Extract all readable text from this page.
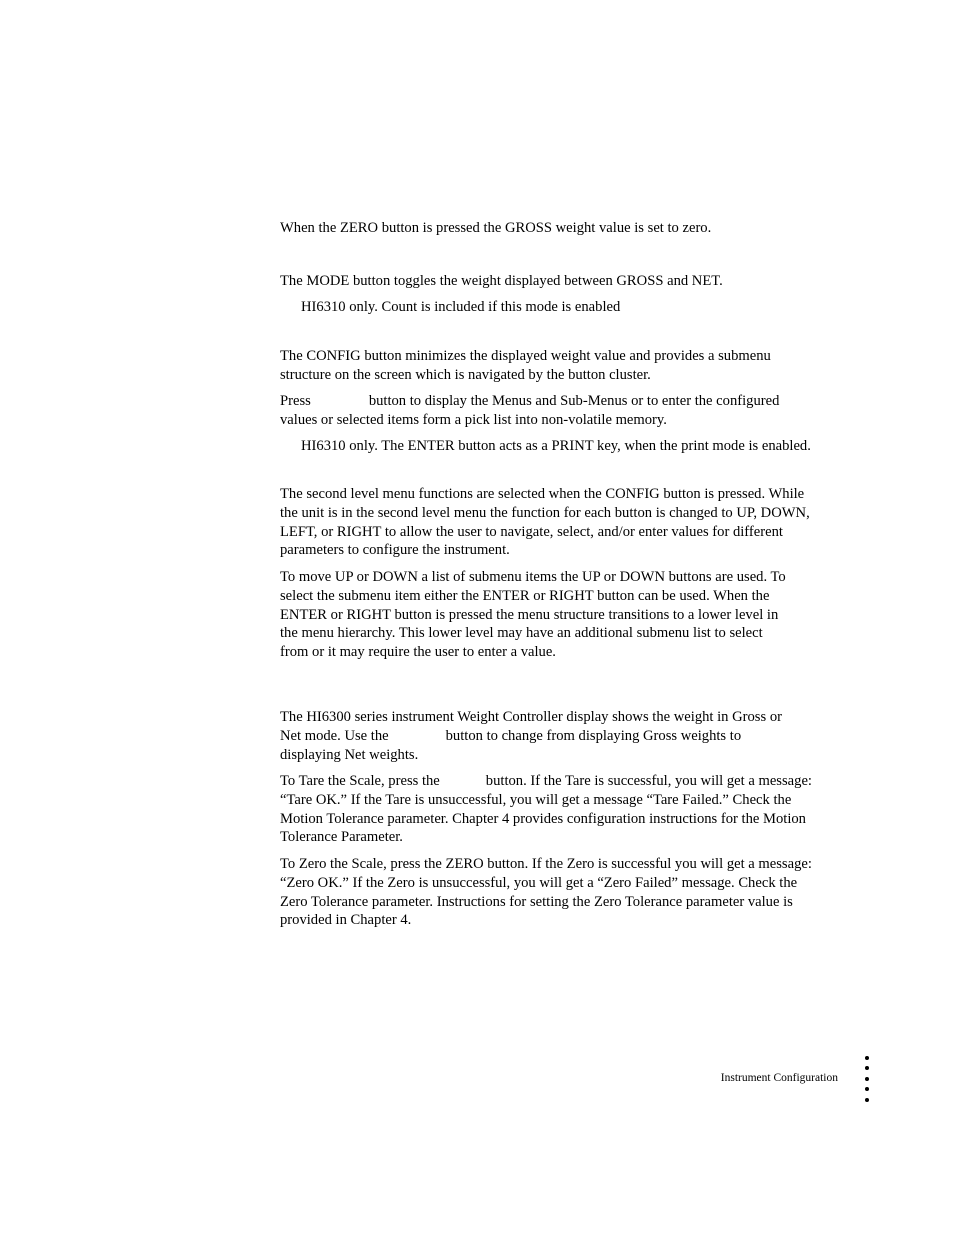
When the ZERO button is pressed the GROSS weight value is set to zero.

The MODE button toggles the weight displayed between GROSS and NET.

HI6310 only. Count is included if this mode is enabled

The CONFIG button minimizes the displayed weight value and provides a submenu
structure on the screen which is navigated by the button cluster.

Press	button to display the Menus and Sub-Menus or to enter the configured
values or selected items form a pick list into non-volatile memory.

HI6310 only. The ENTER button acts as a PRINT key, when the print mode is enabled.

The second level menu functions are selected when the CONFIG button is pressed. While
the unit is in the second level menu the function for each button is changed to UP, DOWN,
LEFT, or RIGHT to allow the user to navigate, select, and/or enter values for different
parameters to configure the instrument.

To move UP or DOWN a list of submenu items the UP or DOWN buttons are used. To
select the submenu item either the ENTER or RIGHT button can be used. When the
ENTER or RIGHT button is pressed the menu structure transitions to a lower level in
the menu hierarchy. This lower level may have an additional submenu list to select
from or it may require the user to enter a value.

The HI6300 series instrument Weight Controller display shows the weight in Gross or
Net mode. Use the	button to change from displaying Gross weights to
displaying Net weights.

To Tare the Scale, press the	button. If the Tare is successful, you will get a message:
“Tare OK.” If the Tare is unsuccessful, you will get a message “Tare Failed.” Check the
Motion Tolerance parameter. Chapter 4 provides configuration instructions for the Motion
Tolerance Parameter.

To Zero the Scale, press the ZERO button. If the Zero is successful you will get a message:
“Zero OK.” If the Zero is unsuccessful, you will get a “Zero Failed” message. Check the
Zero Tolerance parameter. Instructions for setting the Zero Tolerance parameter value is
provided in Chapter 4.

Instrument Configuration
